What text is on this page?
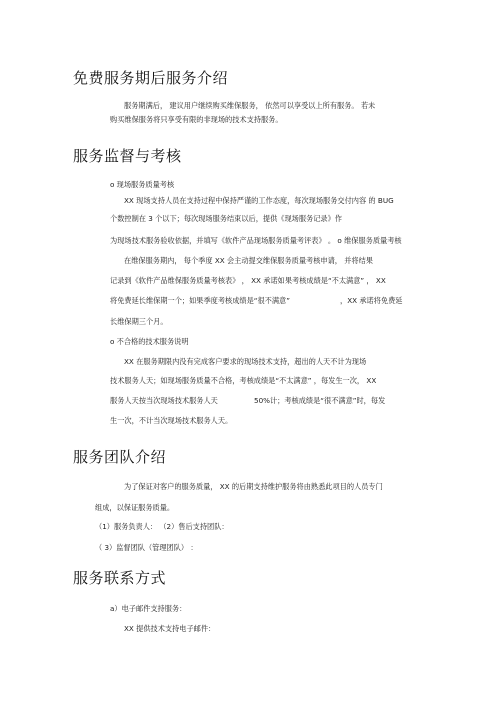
免费服务期后服务介绍
服务期满后， 建议用户继续购买维保服务， 依然可以享受以上所有服务。 若未
购买维保服务将只享受有限的非现场的技术支持服务。
服务监督与考核
o 现场服务质量考核
XX 现场支持人员在支持过程中保持严谨的工作态度，每次现场服务交付内容 的 BUG
个数控制在 3 个以下；每次现场服务结束以后，提供《现场服务记录》作
为现场技术服务验收依据，并填写《软件产品现场服务质量考评表》 。 o 维保服务质量考核
在维保服务期内， 每个季度 XX 会主动提交维保服务质量考核申请， 并将结果
记录到《软件产品维保服务质量考核表》 ， XX 承诺如果考核成绩是“不太满意” ， XX
将免费延长维保期一个；如果季度考核成绩是“很不满意”	，XX 承诺将免费延
长维保期三个月。
o 不合格的技术服务说明
XX 在服务期限内没有完成客户要求的现场技术支持，超出的人天不计为现场
技术服务人天；如现场服务质量不合格，考核成绩是“不太满意” ，每发生一次， XX
服务人天按当次现场技术服务人天	50%计；考核成绩是“很不满意”时，每发
生一次，不计当次现场技术服务人天。
服务团队介绍
为了保证对客户的服务质量， XX 的后期支持维护服务将由熟悉此项目的人员专门
组成，以保证服务质量。
（1）服务负责人： （2）售后支持团队：
（ 3）监督团队（管理团队） ：
服务联系方式
a）电子邮件支持服务：
XX 提供技术支持电子邮件：
